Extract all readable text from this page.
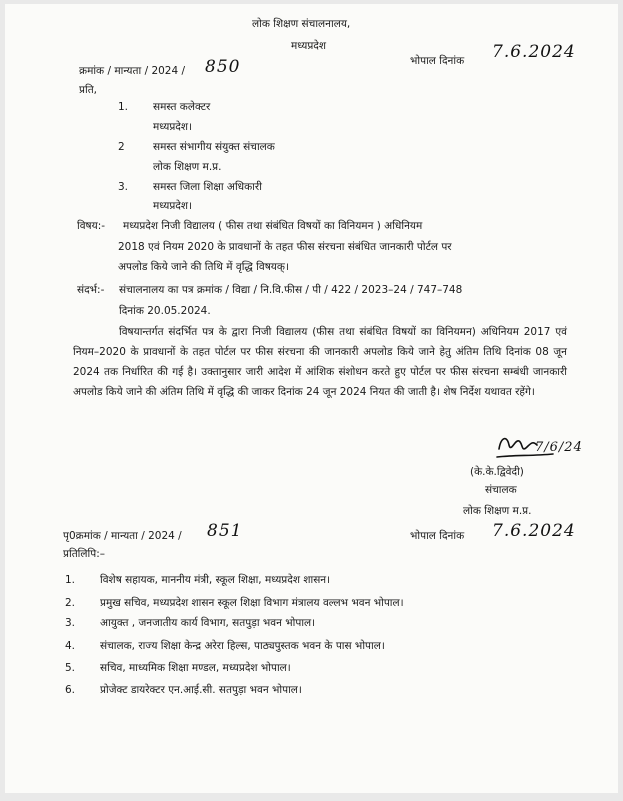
लोक शिक्षण संचालनालय,
मध्यप्रदेश
क्रमांक / मान्यता / 2024 / 850	भोपाल दिनांक 7.6.2024
प्रति,
1. समस्त कलेक्टर
मध्यप्रदेश।
2	समस्त संभागीय संयुक्त संचालक
लोक शिक्षण म.प्र.
3. समस्त जिला शिक्षा अधिकारी
मध्यप्रदेश।
विषय:- मध्यप्रदेश निजी विद्यालय ( फीस तथा संबंधित विषयों का विनियमन ) अधिनियम
2018 एवं नियम 2020 के प्रावधानों के तहत फीस संरचना संबंधित जानकारी पोर्टल पर
अपलोड किये जाने की तिथि में वृद्धि विषयक्।
संदर्भ:- संचालनालय का पत्र क्रमांक / विद्या / नि.वि.फीस / पी / 422 / 2023–24 / 747–748
दिनांक 20.05.2024.
विषयान्तर्गत संदर्भित पत्र के द्वारा निजी विद्यालय (फीस तथा संबंधित विषयों का विनियमन) अधिनियम 2017 एवं नियम–2020 के प्रावधानों के तहत पोर्टल पर फीस संरचना की जानकारी अपलोड किये जाने हेतु अंतिम तिथि दिनांक 08 जून 2024 तक निर्धारित की गई है। उक्तानुसार जारी आदेश में आंशिक संशोधन करते हुए पोर्टल पर फीस संरचना सम्बंधी जानकारी अपलोड किये जाने की अंतिम तिथि में वृद्धि की जाकर दिनांक 24 जून 2024 नियत की जाती है। शेष निर्देश यथावत रहेंगे।
7/6/24
(के.के.द्विवेदी)
संचालक
लोक शिक्षण म.प्र.
पृ0क्रमांक / मान्यता / 2024 / 851	भोपाल दिनांक 7.6.2024
प्रतिलिपि:–
1. विशेष सहायक, माननीय मंत्री, स्कूल शिक्षा, मध्यप्रदेश शासन।
2. प्रमुख सचिव, मध्यप्रदेश शासन स्कूल शिक्षा विभाग मंत्रालय वल्लभ भवन भोपाल।
3. आयुक्त , जनजातीय कार्य विभाग, सतपुड़ा भवन भोपाल।
4. संचालक, राज्य शिक्षा केन्द्र अरेरा हिल्स, पाठ्यपुस्तक भवन के पास भोपाल।
5. सचिव, माध्यमिक शिक्षा मण्डल, मध्यप्रदेश भोपाल।
6. प्रोजेक्ट डायरेक्टर एन.आई.सी. सतपुड़ा भवन भोपाल।
